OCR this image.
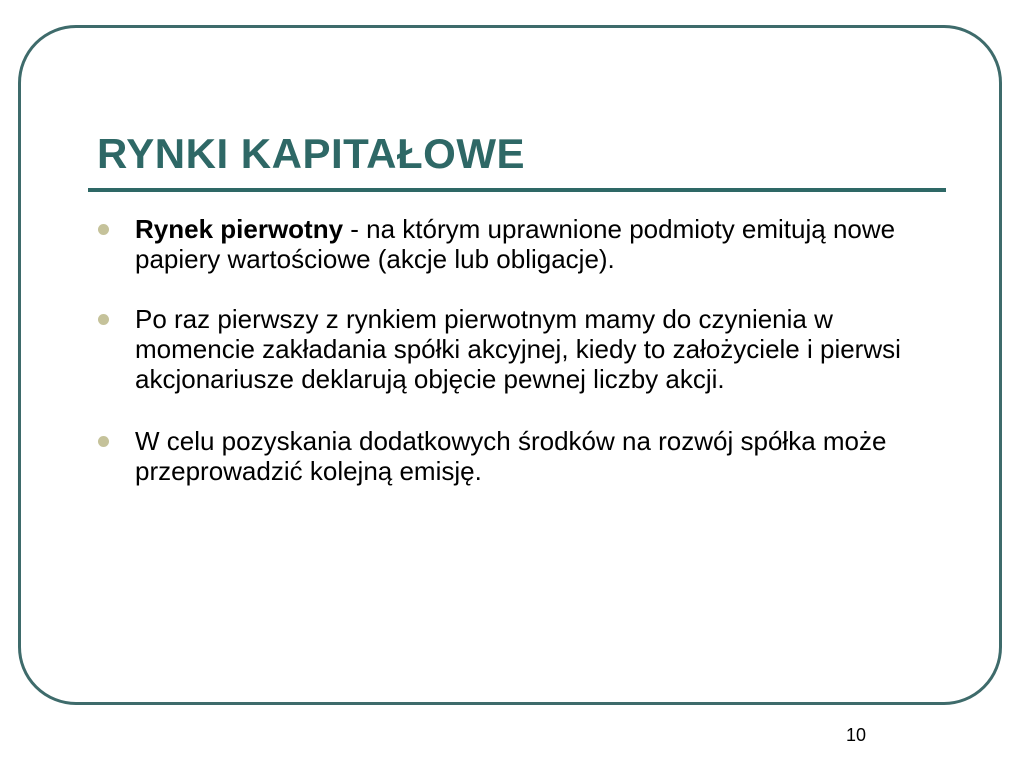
RYNKI KAPITAŁOWE
Rynek pierwotny - na którym uprawnione podmioty emitują nowe papiery wartościowe (akcje lub obligacje).
Po raz pierwszy z rynkiem pierwotnym mamy do czynienia w momencie zakładania spółki akcyjnej, kiedy to założyciele i pierwsi akcjonariusze deklarują objęcie pewnej liczby akcji.
W celu pozyskania dodatkowych środków na rozwój spółka może przeprowadzić kolejną emisję.
10
